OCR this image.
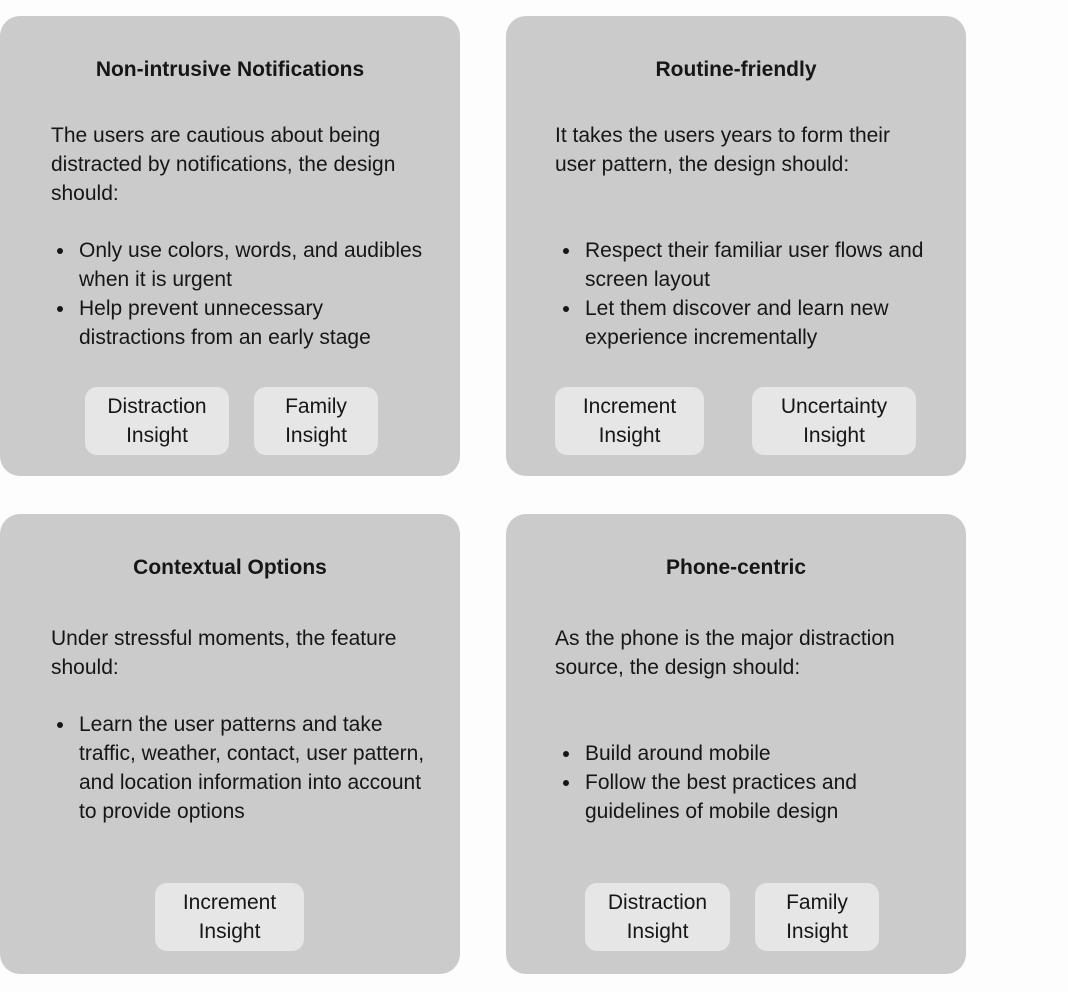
Non-intrusive Notifications

The users are cautious about being distracted by notifications, the design should:

Only use colors, words, and audibles when it is urgent
Help prevent unnecessary distractions from an early stage
Distraction
Insight
Family
Insight
Routine-friendly

It takes the users years to form their user pattern, the design should:

Respect their familiar user flows and screen layout
Let them discover and learn new experience incrementally
Increment
Insight
Uncertainty
Insight
Contextual Options

Under stressful moments, the feature should:

Learn the user patterns and take traffic, weather, contact, user pattern, and location information into account to provide options
Increment
Insight
Phone-centric

As the phone is the major distraction source, the design should:

Build around mobile
Follow the best practices and guidelines of mobile design
Distraction
Insight
Family
Insight
